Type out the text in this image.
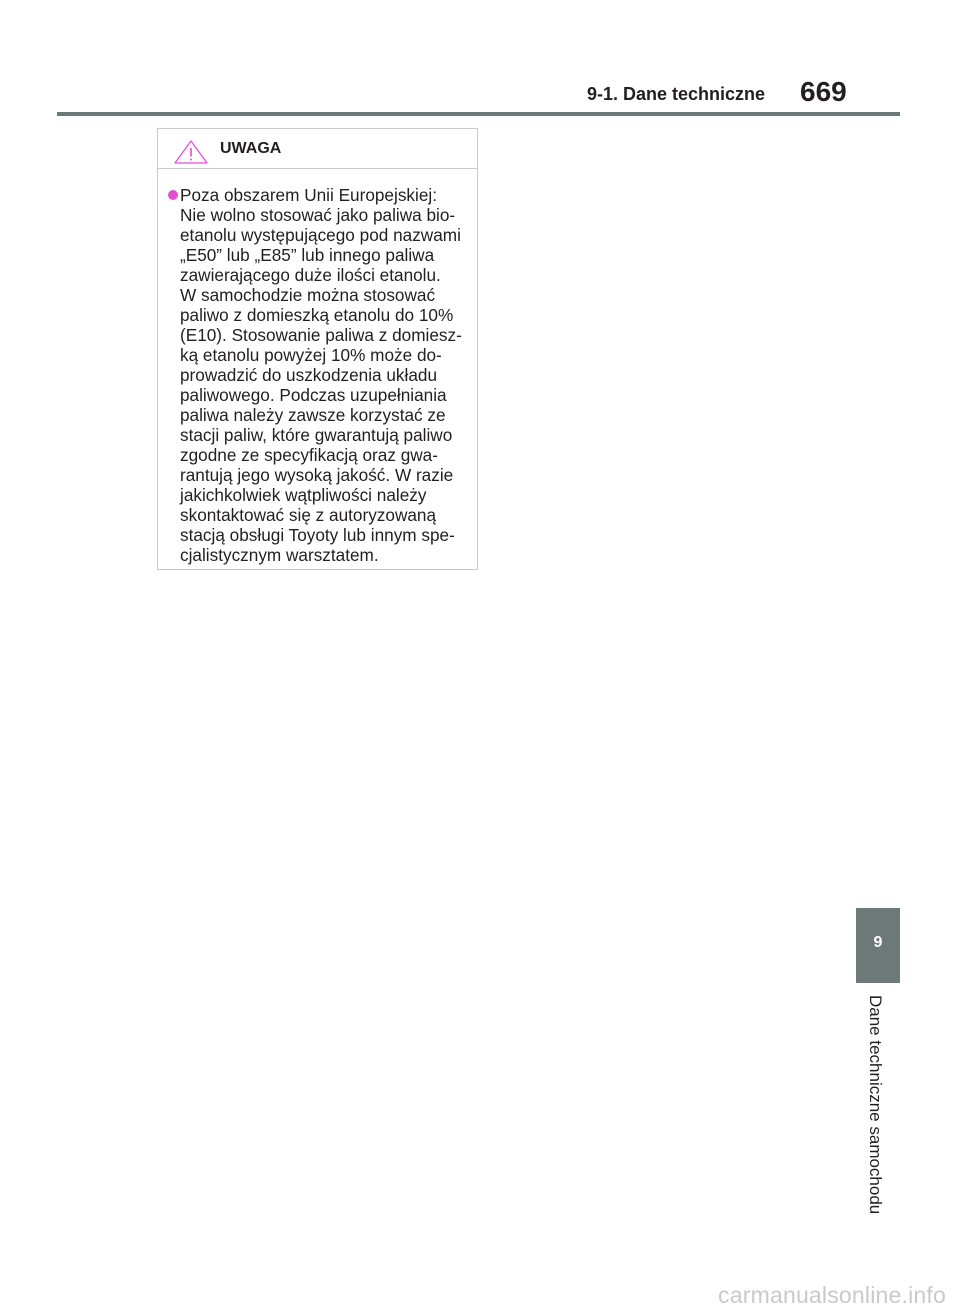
9-1. Dane techniczne 669
UWAGA
Poza obszarem Unii Europejskiej:
Nie wolno stosować jako paliwa bio-
etanolu występującego pod nazwami
„E50” lub „E85” lub innego paliwa
zawierającego duże ilości etanolu.
W samochodzie można stosować
paliwo z domieszką etanolu do 10%
(E10). Stosowanie paliwa z domiesz-
ką etanolu powyżej 10% może do-
prowadzić do uszkodzenia układu
paliwowego. Podczas uzupełniania
paliwa należy zawsze korzystać ze
stacji paliw, które gwarantują paliwo
zgodne ze specyfikacją oraz gwa-
rantują jego wysoką jakość. W razie
jakichkolwiek wątpliwości należy
skontaktować się z autoryzowaną
stacją obsługi Toyoty lub innym spe-
cjalistycznym warsztatem.
9
Dane techniczne samochodu
carmanualsonline.info
